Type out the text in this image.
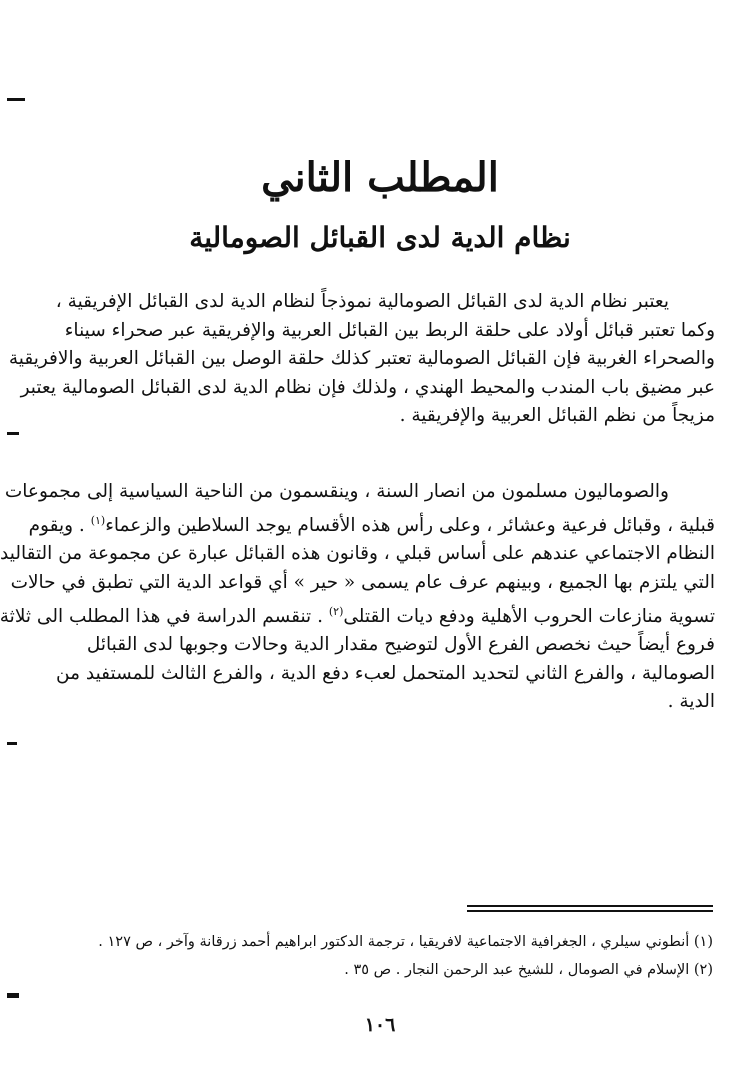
المطلب الثاني
نظام الدية لدى القبائل الصومالية

يعتبر نظام الدية لدى القبائل الصومالية نموذجاً لنظام الدية لدى القبائل الإفريقية ،
وكما تعتبر قبائل أولاد على حلقة الربط بين القبائل العربية والإفريقية عبر صحراء سيناء
والصحراء الغربية فإن القبائل الصومالية تعتبر كذلك حلقة الوصل بين القبائل العربية والافريقية
عبر مضيق باب المندب والمحيط الهندي ، ولذلك فإن نظام الدية لدى القبائل الصومالية يعتبر
مزيجاً من نظم القبائل العربية والإفريقية .

والصوماليون مسلمون من انصار السنة ، وينقسمون من الناحية السياسية إلى مجموعات
قبلية ، وقبائل فرعية وعشائر ، وعلى رأس هذه الأقسام يوجد السلاطين والزعماء$^{(١)}$ . ويقوم
النظام الاجتماعي عندهم على أساس قبلي ، وقانون هذه القبائل عبارة عن مجموعة من التقاليد
التي يلتزم بها الجميع ، وبينهم عرف عام يسمى « حير » أي قواعد الدية التي تطبق في حالات
تسوية منازعات الحروب الأهلية ودفع ديات القتلى$^{(٢)}$ . تنقسم الدراسة في هذا المطلب الى ثلاثة
فروع أيضاً حيث نخصص الفرع الأول لتوضيح مقدار الدية وحالات وجوبها لدى القبائل
الصومالية ، والفرع الثاني لتحديد المتحمل لعبء دفع الدية ، والفرع الثالث للمستفيد من
الدية .

(١) أنطوني سيلري ، الجغرافية الاجتماعية لافريقيا ، ترجمة الدكتور ابراهيم أحمد زرقانة وآخر ، ص ١٢٧ .
(٢) الإسلام في الصومال ، للشيخ عبد الرحمن النجار . ص ٣٥ .
١٠٦
